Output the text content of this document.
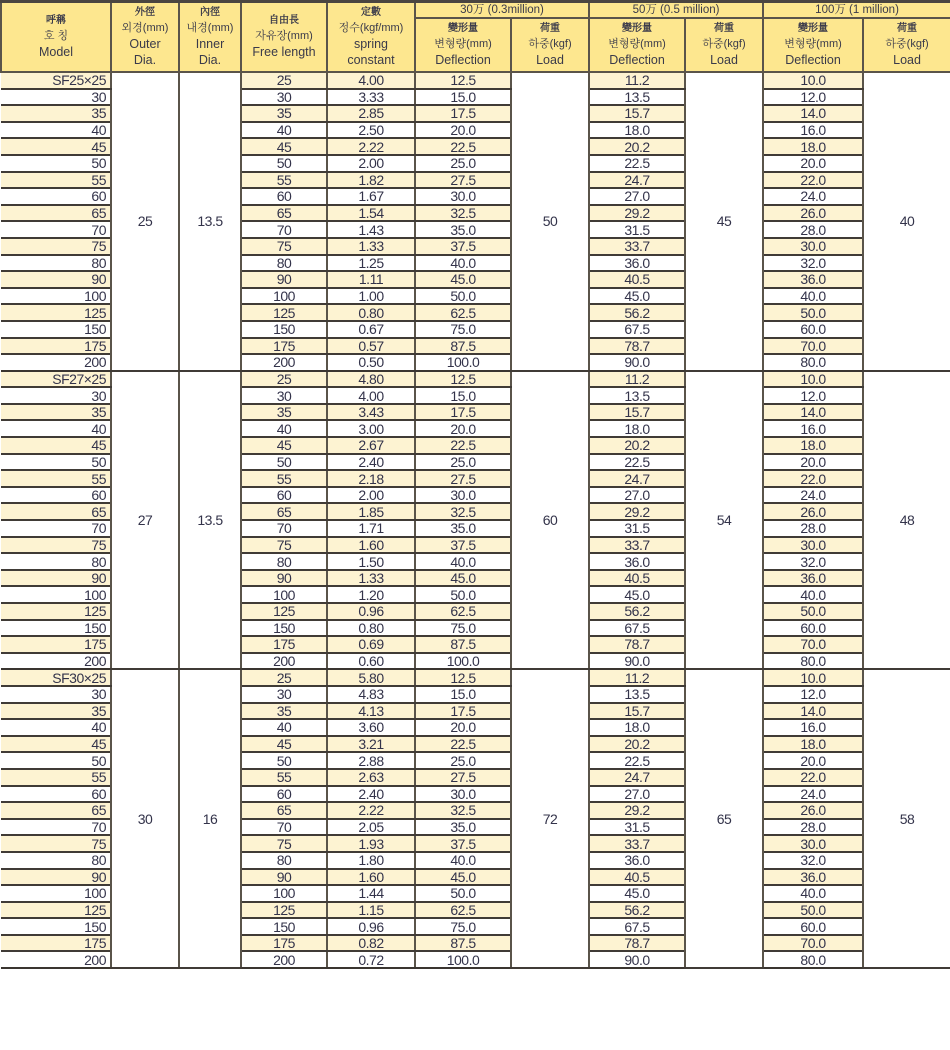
呼稱
호 칭
Model	外徑
외경(mm)
Outer
Dia.	內徑
내경(mm)
Inner
Dia.	自由長
자유장(mm)
Free length	定數
정수(kgf/mm)
spring
constant	30万 (0.3million)		50万 (0.5 million)		100万 (1 million)	

					變形量
변형량(mm)
Deflection	荷重
하중(kgf)
Load	變形量
변형량(mm)
Deflection	荷重
하중(kgf)
Load	變形量
변형량(mm)
Deflection	荷重
하중(kgf)
Load

SF25×25	25	13.5	25	4.00	12.5	50	11.2	45	10.0	40
30			30	3.33	15.0		13.5		12.0	
35			35	2.85	17.5		15.7		14.0	
40			40	2.50	20.0		18.0		16.0	
45			45	2.22	22.5		20.2		18.0	
50			50	2.00	25.0		22.5		20.0	
55			55	1.82	27.5		24.7		22.0	
60			60	1.67	30.0		27.0		24.0	
65			65	1.54	32.5		29.2		26.0	
70			70	1.43	35.0		31.5		28.0	
75			75	1.33	37.5		33.7		30.0	
80			80	1.25	40.0		36.0		32.0	
90			90	1.11	45.0		40.5		36.0	
100			100	1.00	50.0		45.0		40.0	
125			125	0.80	62.5		56.2		50.0	
150			150	0.67	75.0		67.5		60.0	
175			175	0.57	87.5		78.7		70.0	
200			200	0.50	100.0		90.0		80.0	
SF27×25	27	13.5	25	4.80	12.5	60	11.2	54	10.0	48
30			30	4.00	15.0		13.5		12.0	
35			35	3.43	17.5		15.7		14.0	
40			40	3.00	20.0		18.0		16.0	
45			45	2.67	22.5		20.2		18.0	
50			50	2.40	25.0		22.5		20.0	
55			55	2.18	27.5		24.7		22.0	
60			60	2.00	30.0		27.0		24.0	
65			65	1.85	32.5		29.2		26.0	
70			70	1.71	35.0		31.5		28.0	
75			75	1.60	37.5		33.7		30.0	
80			80	1.50	40.0		36.0		32.0	
90			90	1.33	45.0		40.5		36.0	
100			100	1.20	50.0		45.0		40.0	
125			125	0.96	62.5		56.2		50.0	
150			150	0.80	75.0		67.5		60.0	
175			175	0.69	87.5		78.7		70.0	
200			200	0.60	100.0		90.0		80.0	
SF30×25	30	16	25	5.80	12.5	72	11.2	65	10.0	58
30			30	4.83	15.0		13.5		12.0	
35			35	4.13	17.5		15.7		14.0	
40			40	3.60	20.0		18.0		16.0	
45			45	3.21	22.5		20.2		18.0	
50			50	2.88	25.0		22.5		20.0	
55			55	2.63	27.5		24.7		22.0	
60			60	2.40	30.0		27.0		24.0	
65			65	2.22	32.5		29.2		26.0	
70			70	2.05	35.0		31.5		28.0	
75			75	1.93	37.5		33.7		30.0	
80			80	1.80	40.0		36.0		32.0	
90			90	1.60	45.0		40.5		36.0	
100			100	1.44	50.0		45.0		40.0	
125			125	1.15	62.5		56.2		50.0	
150			150	0.96	75.0		67.5		60.0	
175			175	0.82	87.5		78.7		70.0	
200			200	0.72	100.0		90.0		80.0	
